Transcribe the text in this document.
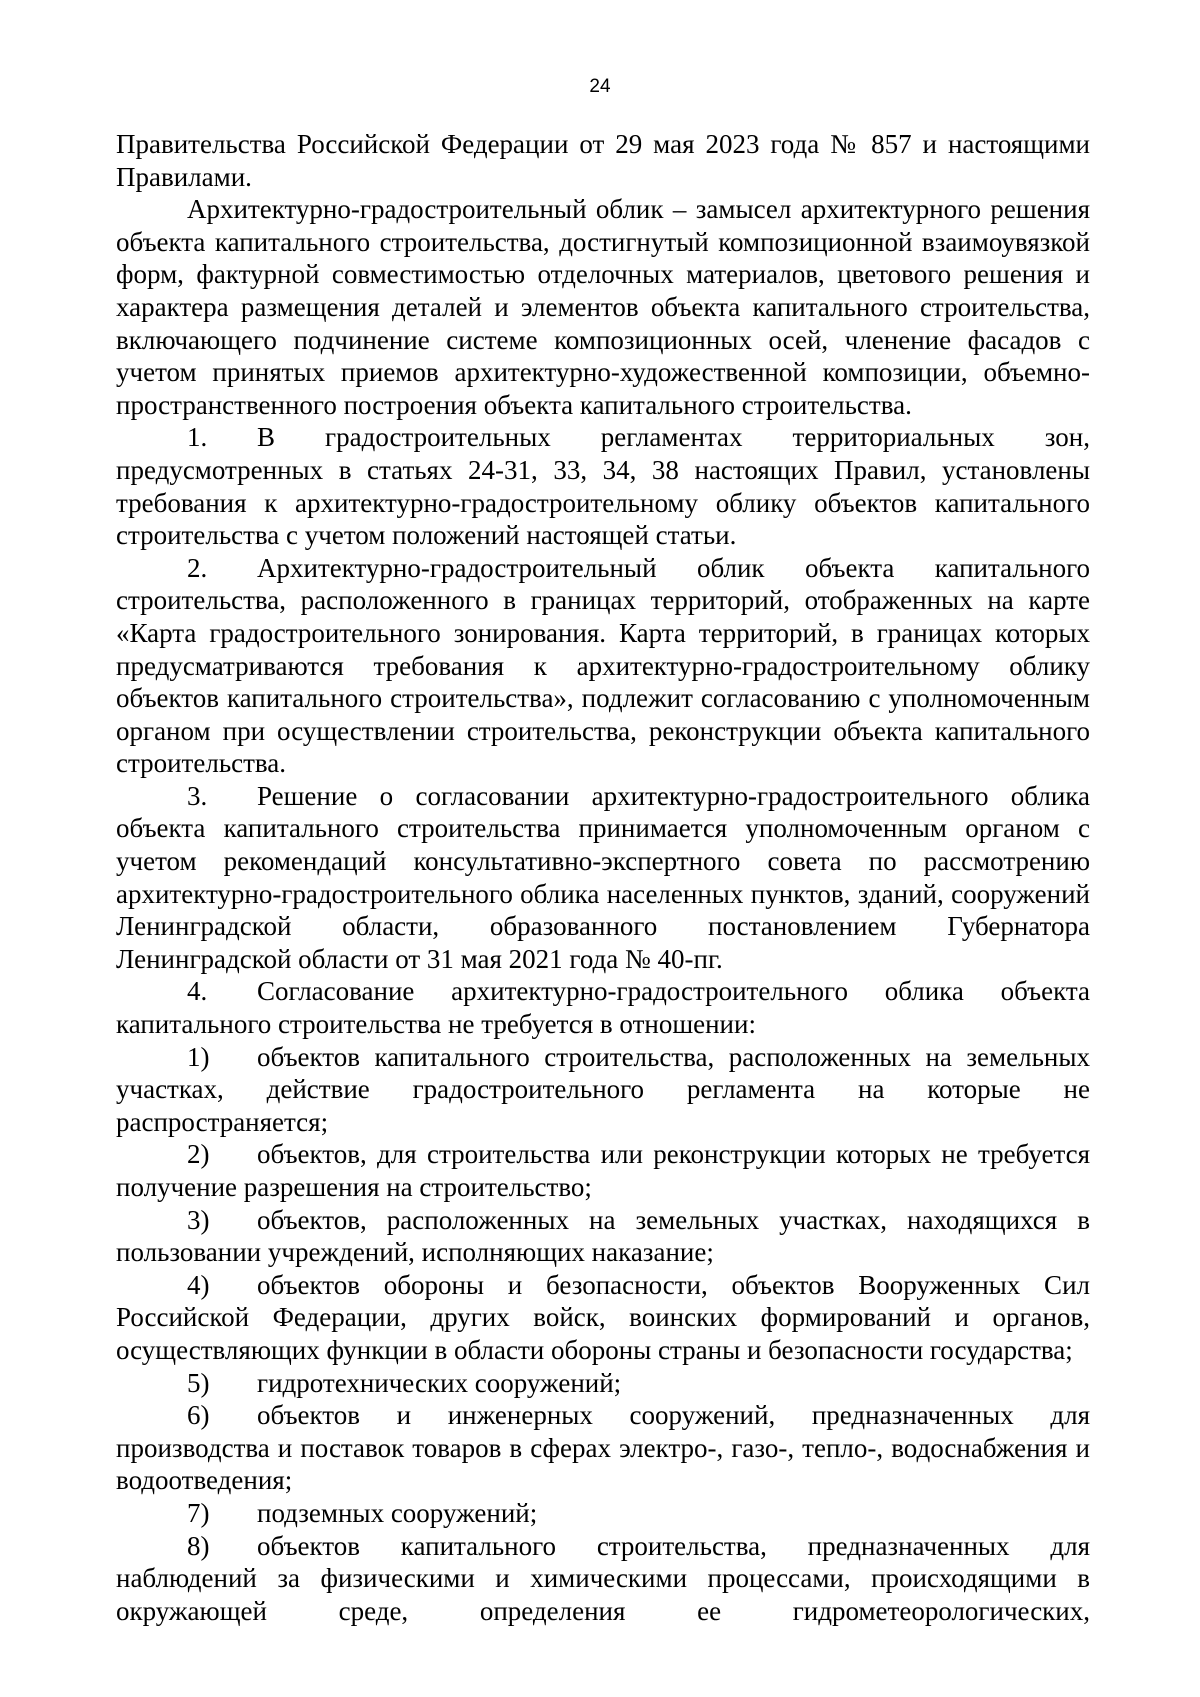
24

Правительства Российской Федерации от 29 мая 2023 года № 857 и настоящими Правилами.

Архитектурно-градостроительный облик – замысел архитектурного решения объекта капитального строительства, достигнутый композиционной взаимоувязкой форм, фактурной совместимостью отделочных материалов, цветового решения и характера размещения деталей и элементов объекта капитального строительства, включающего подчинение системе композиционных осей, членение фасадов с учетом принятых приемов архитектурно-художественной композиции, объемно-пространственного построения объекта капитального строительства.

1. В градостроительных регламентах территориальных зон, предусмотренных в статьях 24-31, 33, 34, 38 настоящих Правил, установлены требования к архитектурно-градостроительному облику объектов капитального строительства с учетом положений настоящей статьи.

2. Архитектурно-градостроительный облик объекта капитального строительства, расположенного в границах территорий, отображенных на карте «Карта градостроительного зонирования. Карта территорий, в границах которых предусматриваются требования к архитектурно-градостроительному облику объектов капитального строительства», подлежит согласованию с уполномоченным органом при осуществлении строительства, реконструкции объекта капитального строительства.

3. Решение о согласовании архитектурно-градостроительного облика объекта капитального строительства принимается уполномоченным органом с учетом рекомендаций консультативно-экспертного совета по рассмотрению архитектурно-градостроительного облика населенных пунктов, зданий, сооружений Ленинградской области, образованного постановлением Губернатора Ленинградской области от 31 мая 2021 года № 40-пг.

4. Согласование архитектурно-градостроительного облика объекта капитального строительства не требуется в отношении:

1) объектов капитального строительства, расположенных на земельных участках, действие градостроительного регламента на которые не распространяется;

2) объектов, для строительства или реконструкции которых не требуется получение разрешения на строительство;

3) объектов, расположенных на земельных участках, находящихся в пользовании учреждений, исполняющих наказание;

4) объектов обороны и безопасности, объектов Вооруженных Сил Российской Федерации, других войск, воинских формирований и органов, осуществляющих функции в области обороны страны и безопасности государства;

5) гидротехнических сооружений;

6) объектов и инженерных сооружений, предназначенных для производства и поставок товаров в сферах электро-, газо-, тепло-, водоснабжения и водоотведения;

7) подземных сооружений;

8) объектов капитального строительства, предназначенных для наблюдений за физическими и химическими процессами, происходящими в окружающей среде, определения ее гидрометеорологических,
